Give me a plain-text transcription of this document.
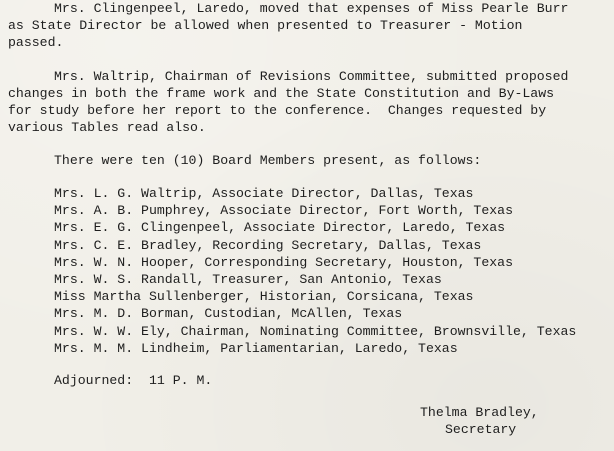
Mrs. Clingenpeel, Laredo, moved that expenses of Miss Pearle Burr
as State Director be allowed when presented to Treasurer - Motion
passed.
Mrs. Waltrip, Chairman of Revisions Committee, submitted proposed
changes in both the frame work and the State Constitution and By-Laws
for study before her report to the conference.  Changes requested by
various Tables read also.
There were ten (10) Board Members present, as follows:
Mrs. L. G. Waltrip, Associate Director, Dallas, Texas
Mrs. A. B. Pumphrey, Associate Director, Fort Worth, Texas
Mrs. E. G. Clingenpeel, Associate Director, Laredo, Texas
Mrs. C. E. Bradley, Recording Secretary, Dallas, Texas
Mrs. W. N. Hooper, Corresponding Secretary, Houston, Texas
Mrs. W. S. Randall, Treasurer, San Antonio, Texas
Miss Martha Sullenberger, Historian, Corsicana, Texas
Mrs. M. D. Borman, Custodian, McAllen, Texas
Mrs. W. W. Ely, Chairman, Nominating Committee, Brownsville, Texas
Mrs. M. M. Lindheim, Parliamentarian, Laredo, Texas
Adjourned:  11 P. M.
Thelma Bradley,
Secretary
